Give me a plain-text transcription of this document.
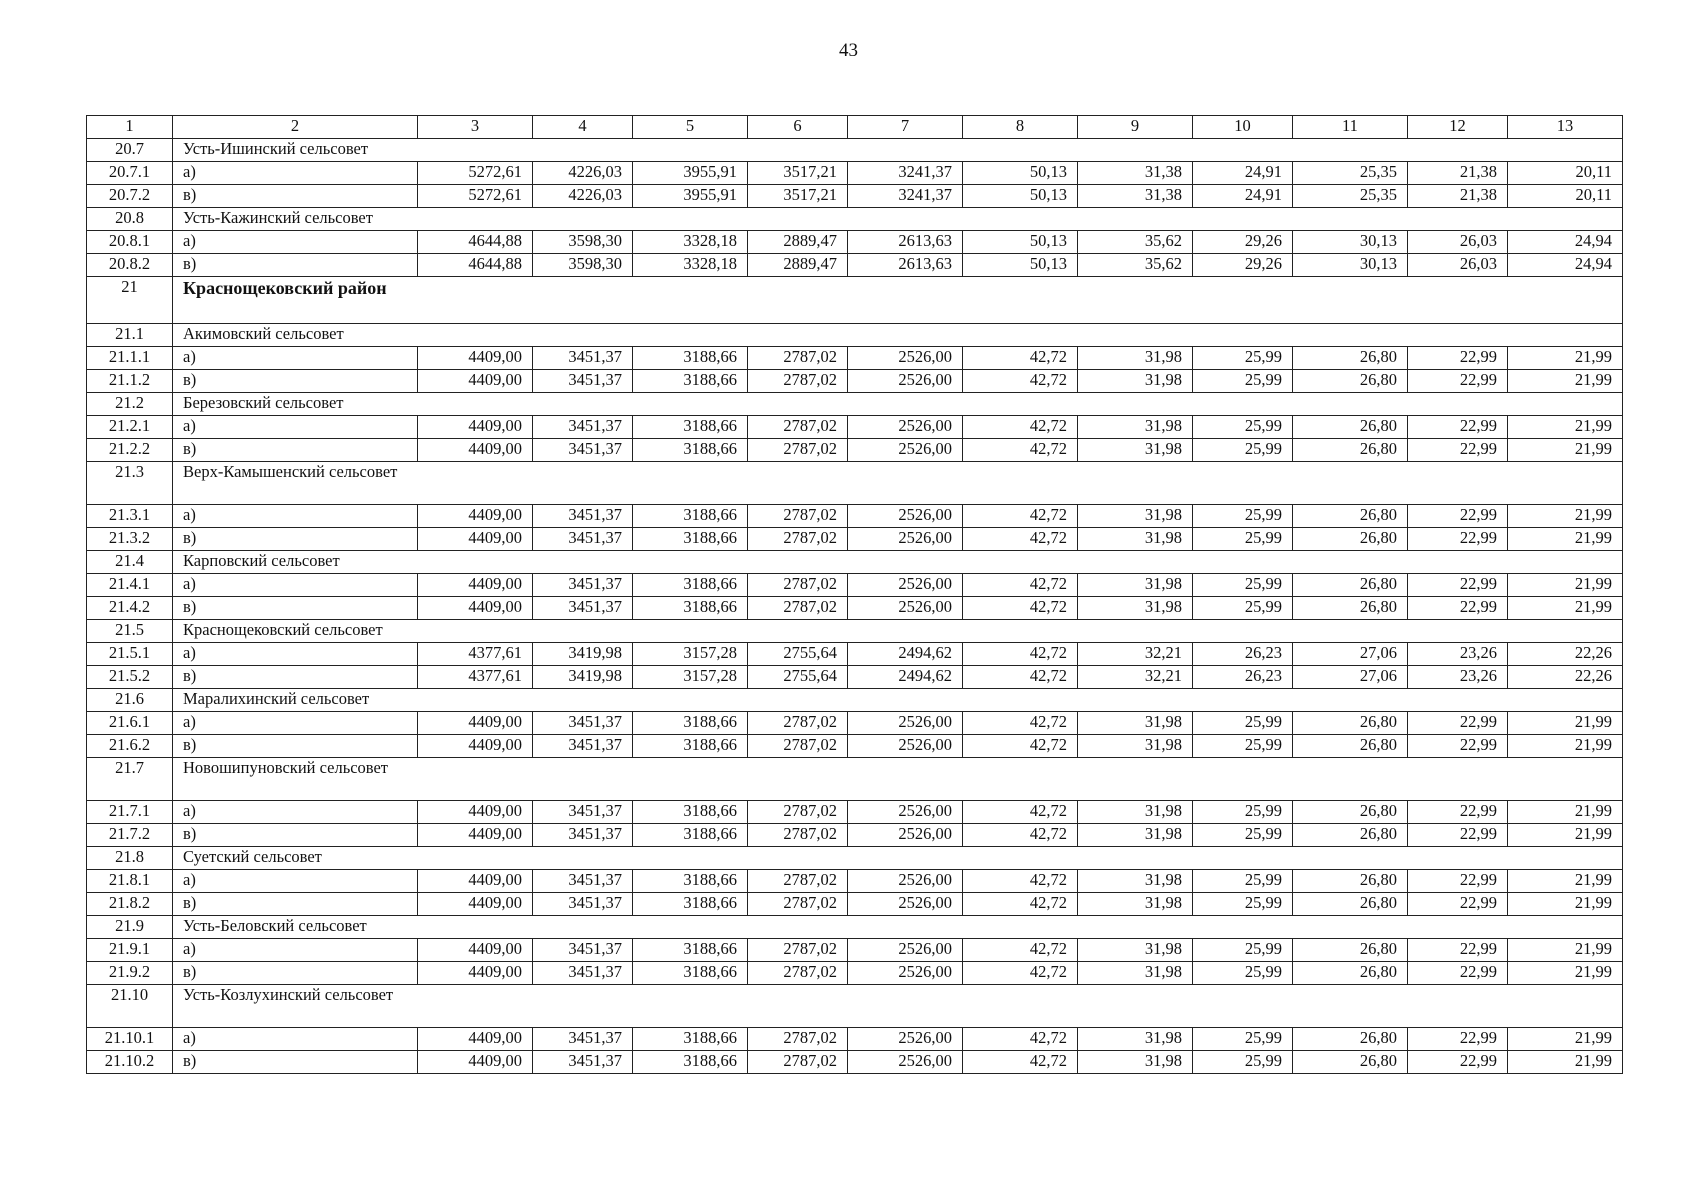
43
1	2	3	4	5	6	7	8	9	10	11	12	13
20.7	Усть-Ишинский сельсовет											
20.7.1	а)	5272,61	4226,03	3955,91	3517,21	3241,37	50,13	31,38	24,91	25,35	21,38	20,11
20.7.2	в)	5272,61	4226,03	3955,91	3517,21	3241,37	50,13	31,38	24,91	25,35	21,38	20,11
20.8	Усть-Кажинский сельсовет											
20.8.1	а)	4644,88	3598,30	3328,18	2889,47	2613,63	50,13	35,62	29,26	30,13	26,03	24,94
20.8.2	в)	4644,88	3598,30	3328,18	2889,47	2613,63	50,13	35,62	29,26	30,13	26,03	24,94
21	Краснощековский район											
21.1	Акимовский сельсовет											
21.1.1	а)	4409,00	3451,37	3188,66	2787,02	2526,00	42,72	31,98	25,99	26,80	22,99	21,99
21.1.2	в)	4409,00	3451,37	3188,66	2787,02	2526,00	42,72	31,98	25,99	26,80	22,99	21,99
21.2	Березовский сельсовет											
21.2.1	а)	4409,00	3451,37	3188,66	2787,02	2526,00	42,72	31,98	25,99	26,80	22,99	21,99
21.2.2	в)	4409,00	3451,37	3188,66	2787,02	2526,00	42,72	31,98	25,99	26,80	22,99	21,99
21.3	Верх-Камышенский сельсовет											
21.3.1	а)	4409,00	3451,37	3188,66	2787,02	2526,00	42,72	31,98	25,99	26,80	22,99	21,99
21.3.2	в)	4409,00	3451,37	3188,66	2787,02	2526,00	42,72	31,98	25,99	26,80	22,99	21,99
21.4	Карповский сельсовет											
21.4.1	а)	4409,00	3451,37	3188,66	2787,02	2526,00	42,72	31,98	25,99	26,80	22,99	21,99
21.4.2	в)	4409,00	3451,37	3188,66	2787,02	2526,00	42,72	31,98	25,99	26,80	22,99	21,99
21.5	Краснощековский сельсовет											
21.5.1	а)	4377,61	3419,98	3157,28	2755,64	2494,62	42,72	32,21	26,23	27,06	23,26	22,26
21.5.2	в)	4377,61	3419,98	3157,28	2755,64	2494,62	42,72	32,21	26,23	27,06	23,26	22,26
21.6	Маралихинский сельсовет											
21.6.1	а)	4409,00	3451,37	3188,66	2787,02	2526,00	42,72	31,98	25,99	26,80	22,99	21,99
21.6.2	в)	4409,00	3451,37	3188,66	2787,02	2526,00	42,72	31,98	25,99	26,80	22,99	21,99
21.7	Новошипуновский сельсовет											
21.7.1	а)	4409,00	3451,37	3188,66	2787,02	2526,00	42,72	31,98	25,99	26,80	22,99	21,99
21.7.2	в)	4409,00	3451,37	3188,66	2787,02	2526,00	42,72	31,98	25,99	26,80	22,99	21,99
21.8	Суетский сельсовет											
21.8.1	а)	4409,00	3451,37	3188,66	2787,02	2526,00	42,72	31,98	25,99	26,80	22,99	21,99
21.8.2	в)	4409,00	3451,37	3188,66	2787,02	2526,00	42,72	31,98	25,99	26,80	22,99	21,99
21.9	Усть-Беловский сельсовет											
21.9.1	а)	4409,00	3451,37	3188,66	2787,02	2526,00	42,72	31,98	25,99	26,80	22,99	21,99
21.9.2	в)	4409,00	3451,37	3188,66	2787,02	2526,00	42,72	31,98	25,99	26,80	22,99	21,99
21.10	Усть-Козлухинский сельсовет											
21.10.1	а)	4409,00	3451,37	3188,66	2787,02	2526,00	42,72	31,98	25,99	26,80	22,99	21,99
21.10.2	в)	4409,00	3451,37	3188,66	2787,02	2526,00	42,72	31,98	25,99	26,80	22,99	21,99
